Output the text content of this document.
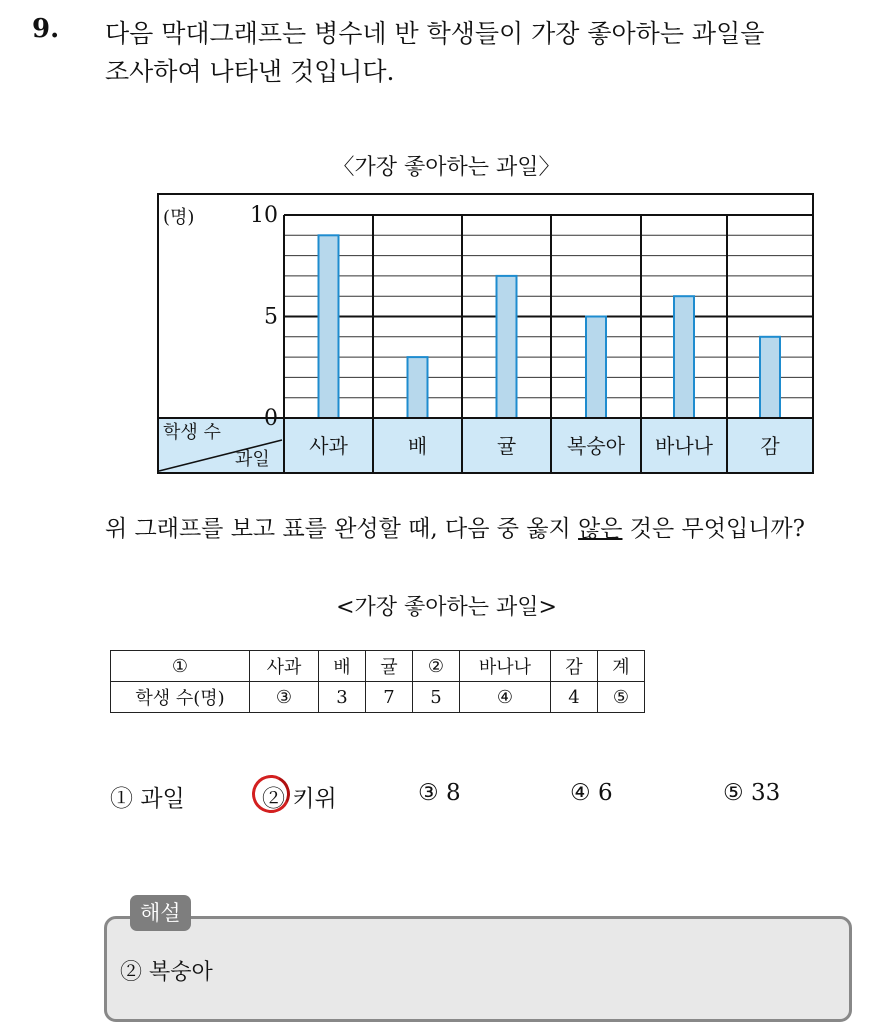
9. 다음 막대그래프는 병수네 반 학생들이 가장 좋아하는 과일을
조사하여 나타낸 것입니다.
〈가장 좋아하는 과일〉
학생 수
과일
(명)
0
5
10
사과	배	귤	복숭아 바나나 감
위 그래프를 보고 표를 완성할 때, 다음 중 옳지 않은 것은 무엇입니까?
<가장 좋아하는 과일>
①	사과	배	귤	②	바나나	감	계
학생 수(명)	③	3	7	5	④	4	⑤
① 과일	② 키위	③ 8	④ 6	⑤ 33
해설
② 복숭아
